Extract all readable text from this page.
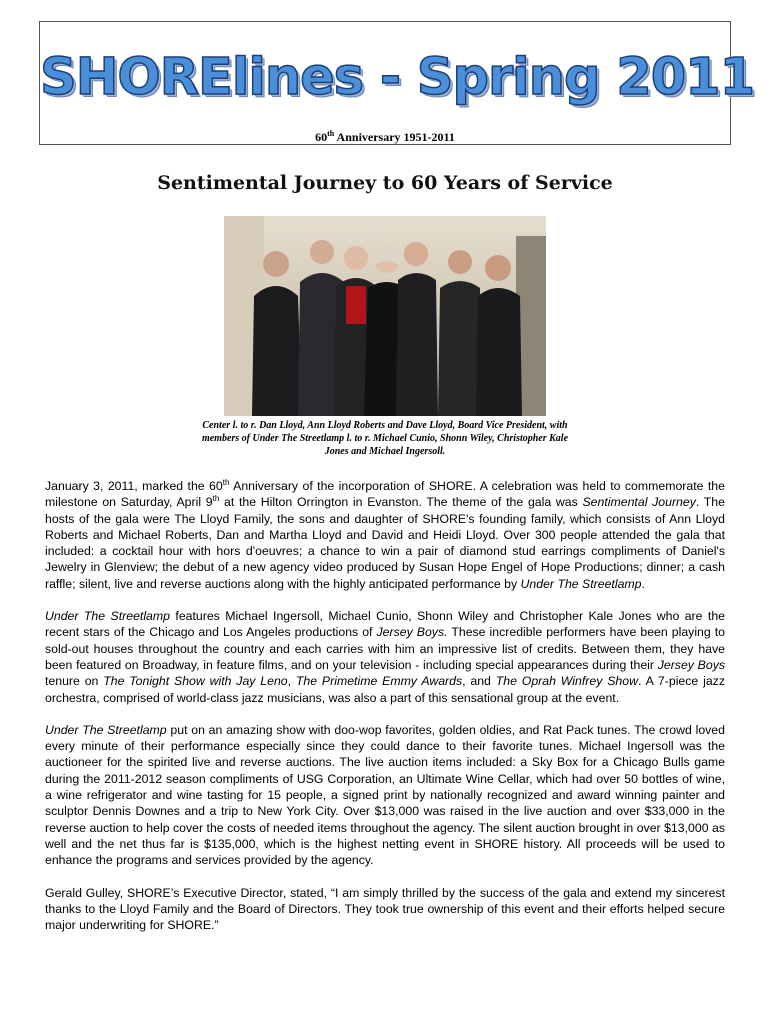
SHORElines - Spring 2011
60th Anniversary 1951-2011
Sentimental Journey to 60 Years of Service
Center l. to r. Dan Lloyd, Ann Lloyd Roberts and Dave Lloyd, Board Vice President, with members of Under The Streetlamp l. to r. Michael Cunio, Shonn Wiley, Christopher Kale Jones and Michael Ingersoll.

January 3, 2011, marked the 60th Anniversary of the incorporation of SHORE. A celebration was held to commemorate the milestone on Saturday, April 9th at the Hilton Orrington in Evanston. The theme of the gala was Sentimental Journey. The hosts of the gala were The Lloyd Family, the sons and daughter of SHORE's founding family, which consists of Ann Lloyd Roberts and Michael Roberts, Dan and Martha Lloyd and David and Heidi Lloyd. Over 300 people attended the gala that included: a cocktail hour with hors d'oeuvres; a chance to win a pair of diamond stud earrings compliments of Daniel's Jewelry in Glenview; the debut of a new agency video produced by Susan Hope Engel of Hope Productions; dinner; a cash raffle; silent, live and reverse auctions along with the highly anticipated performance by Under The Streetlamp.

Under The Streetlamp features Michael Ingersoll, Michael Cunio, Shonn Wiley and Christopher Kale Jones who are the recent stars of the Chicago and Los Angeles productions of Jersey Boys. These incredible performers have been playing to sold-out houses throughout the country and each carries with him an impressive list of credits. Between them, they have been featured on Broadway, in feature films, and on your television - including special appearances during their Jersey Boys tenure on The Tonight Show with Jay Leno, The Primetime Emmy Awards, and The Oprah Winfrey Show. A 7-piece jazz orchestra, comprised of world-class jazz musicians, was also a part of this sensational group at the event.

Under The Streetlamp put on an amazing show with doo-wop favorites, golden oldies, and Rat Pack tunes. The crowd loved every minute of their performance especially since they could dance to their favorite tunes. Michael Ingersoll was the auctioneer for the spirited live and reverse auctions. The live auction items included: a Sky Box for a Chicago Bulls game during the 2011-2012 season compliments of USG Corporation, an Ultimate Wine Cellar, which had over 50 bottles of wine, a wine refrigerator and wine tasting for 15 people, a signed print by nationally recognized and award winning painter and sculptor Dennis Downes and a trip to New York City. Over $13,000 was raised in the live auction and over $33,000 in the reverse auction to help cover the costs of needed items throughout the agency. The silent auction brought in over $13,000 as well and the net thus far is $135,000, which is the highest netting event in SHORE history. All proceeds will be used to enhance the programs and services provided by the agency.

Gerald Gulley, SHORE’s Executive Director, stated, “I am simply thrilled by the success of the gala and extend my sincerest thanks to the Lloyd Family and the Board of Directors. They took true ownership of this event and their efforts helped secure major underwriting for SHORE.”
